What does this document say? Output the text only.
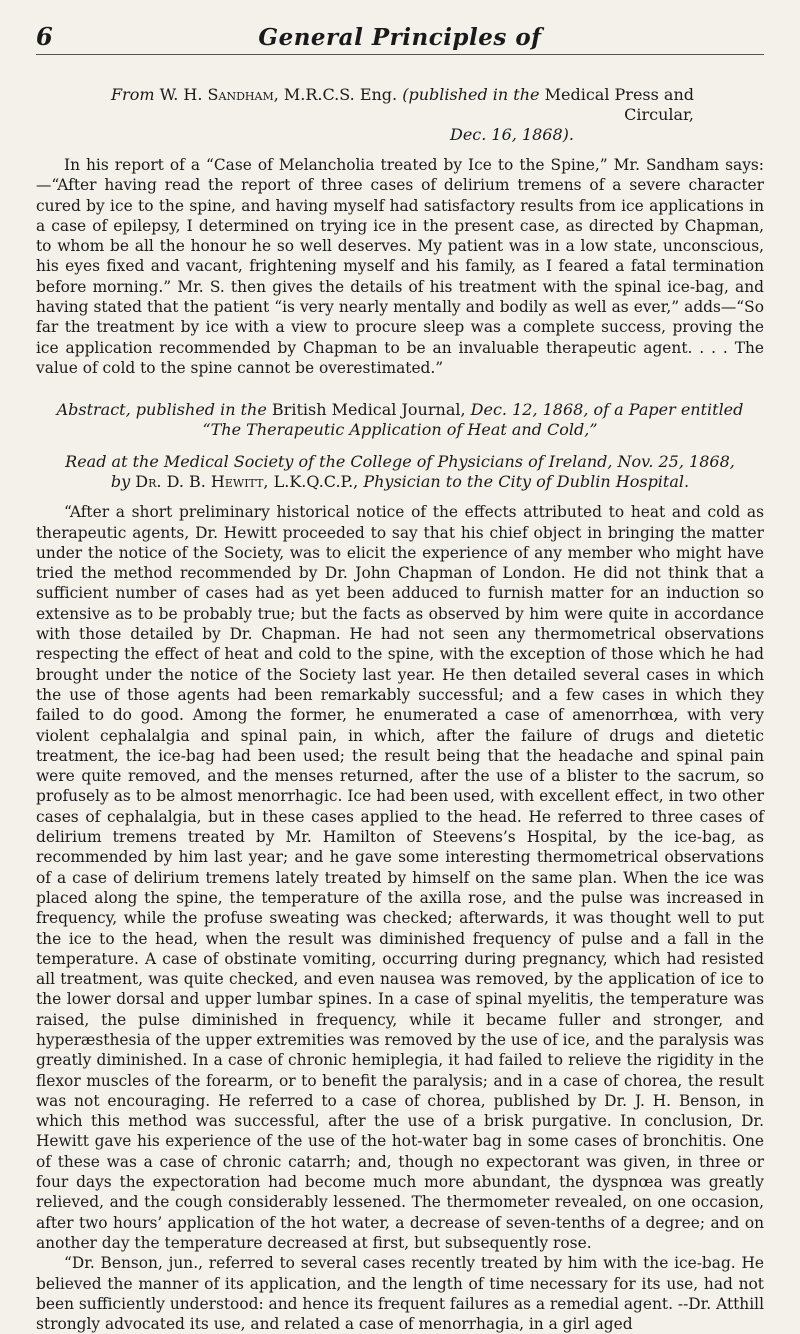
6	General Principles of
From W. H. Sandham, M.R.C.S. Eng. (published in the Medical Press and Circular,
Dec. 16, 1868).

In his report of a “Case of Melancholia treated by Ice to the Spine,” Mr. Sandham says:—“After having read the report of three cases of delirium tremens of a severe character cured by ice to the spine, and having myself had satisfactory results from ice applications in a case of epilepsy, I determined on trying ice in the present case, as directed by Chapman, to whom be all the honour he so well deserves. My patient was in a low state, unconscious, his eyes fixed and vacant, frightening myself and his family, as I feared a fatal termination before morning.” Mr. S. then gives the details of his treatment with the spinal ice-bag, and having stated that the patient “is very nearly mentally and bodily as well as ever,” adds—“So far the treatment by ice with a view to procure sleep was a complete success, proving the ice application recommended by Chapman to be an invaluable therapeutic agent. . . . The value of cold to the spine cannot be overestimated.”

Abstract, published in the British Medical Journal, Dec. 12, 1868, of a Paper entitled
“The Therapeutic Application of Heat and Cold,”
Read at the Medical Society of the College of Physicians of Ireland, Nov. 25, 1868,
by Dr. D. B. Hewitt, L.K.Q.C.P., Physician to the City of Dublin Hospital.

“After a short preliminary historical notice of the effects attributed to heat and cold as therapeutic agents, Dr. Hewitt proceeded to say that his chief object in bringing the matter under the notice of the Society, was to elicit the experience of any member who might have tried the method recommended by Dr. John Chapman of London. He did not think that a sufficient number of cases had as yet been adduced to furnish matter for an induction so extensive as to be probably true; but the facts as observed by him were quite in accordance with those detailed by Dr. Chapman. He had not seen any thermometrical observations respecting the effect of heat and cold to the spine, with the exception of those which he had brought under the notice of the Society last year. He then detailed several cases in which the use of those agents had been remarkably successful; and a few cases in which they failed to do good. Among the former, he enumerated a case of amenorrhœa, with very violent cephalalgia and spinal pain, in which, after the failure of drugs and dietetic treatment, the ice-bag had been used; the result being that the headache and spinal pain were quite removed, and the menses returned, after the use of a blister to the sacrum, so profusely as to be almost menorrhagic. Ice had been used, with excellent effect, in two other cases of cephalalgia, but in these cases applied to the head. He referred to three cases of delirium tremens treated by Mr. Hamilton of Steevens’s Hospital, by the ice-bag, as recommended by him last year; and he gave some interesting thermometrical observations of a case of delirium tremens lately treated by himself on the same plan. When the ice was placed along the spine, the temperature of the axilla rose, and the pulse was increased in frequency, while the profuse sweating was checked; afterwards, it was thought well to put the ice to the head, when the result was diminished frequency of pulse and a fall in the temperature. A case of obstinate vomiting, occurring during pregnancy, which had resisted all treatment, was quite checked, and even nausea was removed, by the application of ice to the lower dorsal and upper lumbar spines. In a case of spinal myelitis, the temperature was raised, the pulse diminished in frequency, while it became fuller and stronger, and hyperæsthesia of the upper extremities was removed by the use of ice, and the paralysis was greatly diminished. In a case of chronic hemiplegia, it had failed to relieve the rigidity in the flexor muscles of the forearm, or to benefit the paralysis; and in a case of chorea, the result was not encouraging. He referred to a case of chorea, published by Dr. J. H. Benson, in which this method was successful, after the use of a brisk purgative. In conclusion, Dr. Hewitt gave his experience of the use of the hot-water bag in some cases of bronchitis. One of these was a case of chronic catarrh; and, though no expectorant was given, in three or four days the expectoration had become much more abundant, the dyspnœa was greatly relieved, and the cough considerably lessened. The thermometer revealed, on one occasion, after two hours’ application of the hot water, a decrease of seven-tenths of a degree; and on another day the temperature decreased at first, but subsequently rose.

“Dr. Benson, jun., referred to several cases recently treated by him with the ice-bag. He believed the manner of its application, and the length of time necessary for its use, had not been sufficiently understood: and hence its frequent failures as a remedial agent. --Dr. Atthill strongly advocated its use, and related a case of menorrhagia, in a girl aged
